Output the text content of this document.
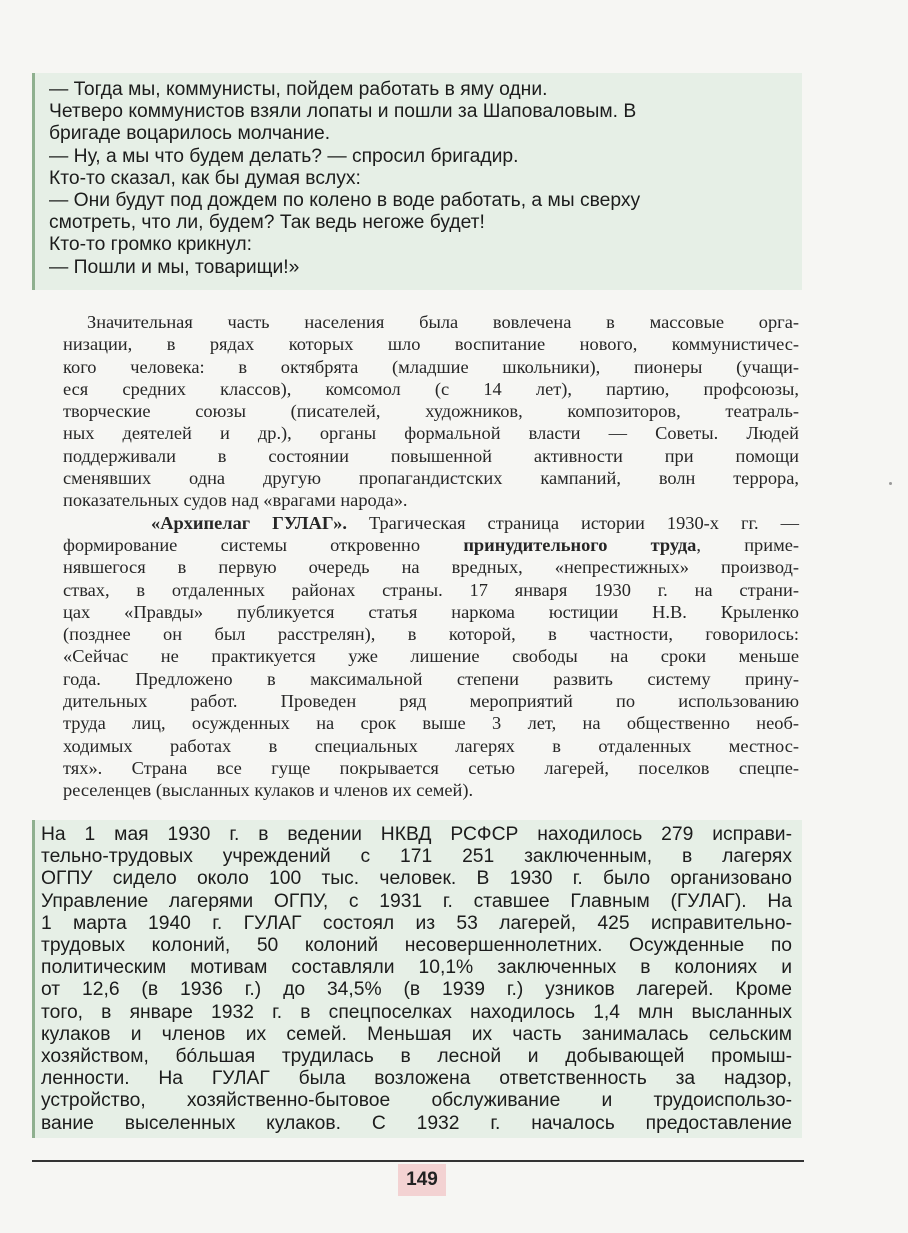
— Тогда мы, коммунисты, пойдем работать в яму одни.
Четверо коммунистов взяли лопаты и пошли за Шаповаловым. В
бригаде воцарилось молчание.
— Ну, а мы что будем делать? — спросил бригадир.
Кто-то сказал, как бы думая вслух:
— Они будут под дождем по колено в воде работать, а мы сверху
смотреть, что ли, будем? Так ведь негоже будет!
Кто-то громко крикнул:
— Пошли и мы, товарищи!»
Значительная часть населения была вовлечена в массовые орга-
низации, в рядах которых шло воспитание нового, коммунистичес-
кого человека: в октябрята (младшие школьники), пионеры (учащи-
еся средних классов), комсомол (с 14 лет), партию, профсоюзы,
творческие союзы (писателей, художников, композиторов, театраль-
ных деятелей и др.), органы формальной власти — Советы. Людей
поддерживали в состоянии повышенной активности при помощи
сменявших одна другую пропагандистских кампаний, волн террора,
показательных судов над «врагами народа».
«Архипелаг ГУЛАГ». Трагическая страница истории 1930-х гг. —
формирование системы откровенно принудительного труда, приме-
нявшегося в первую очередь на вредных, «непрестижных» производ-
ствах, в отдаленных районах страны. 17 января 1930 г. на страни-
цах «Правды» публикуется статья наркома юстиции Н.В. Крыленко
(позднее он был расстрелян), в которой, в частности, говорилось:
«Сейчас не практикуется уже лишение свободы на сроки меньше
года. Предложено в максимальной степени развить систему прину-
дительных работ. Проведен ряд мероприятий по использованию
труда лиц, осужденных на срок выше 3 лет, на общественно необ-
ходимых работах в специальных лагерях в отдаленных местнос-
тях». Страна все гуще покрывается сетью лагерей, поселков спецпе-
реселенцев (высланных кулаков и членов их семей).
На 1 мая 1930 г. в ведении НКВД РСФСР находилось 279 исправи-
тельно-трудовых учреждений с 171 251 заключенным, в лагерях
ОГПУ сидело около 100 тыс. человек. В 1930 г. было организовано
Управление лагерями ОГПУ, с 1931 г. ставшее Главным (ГУЛАГ). На
1 марта 1940 г. ГУЛАГ состоял из 53 лагерей, 425 исправительно-
трудовых колоний, 50 колоний несовершеннолетних. Осужденные по
политическим мотивам составляли 10,1% заключенных в колониях и
от 12,6 (в 1936 г.) до 34,5% (в 1939 г.) узников лагерей. Кроме
того, в январе 1932 г. в спецпоселках находилось 1,4 млн высланных
кулаков и членов их семей. Меньшая их часть занималась сельским
хозяйством, бóльшая трудилась в лесной и добывающей промыш-
ленности. На ГУЛАГ была возложена ответственность за надзор,
устройство, хозяйственно-бытовое обслуживание и трудоиспользо-
вание выселенных кулаков. С 1932 г. началось предоставление
149
